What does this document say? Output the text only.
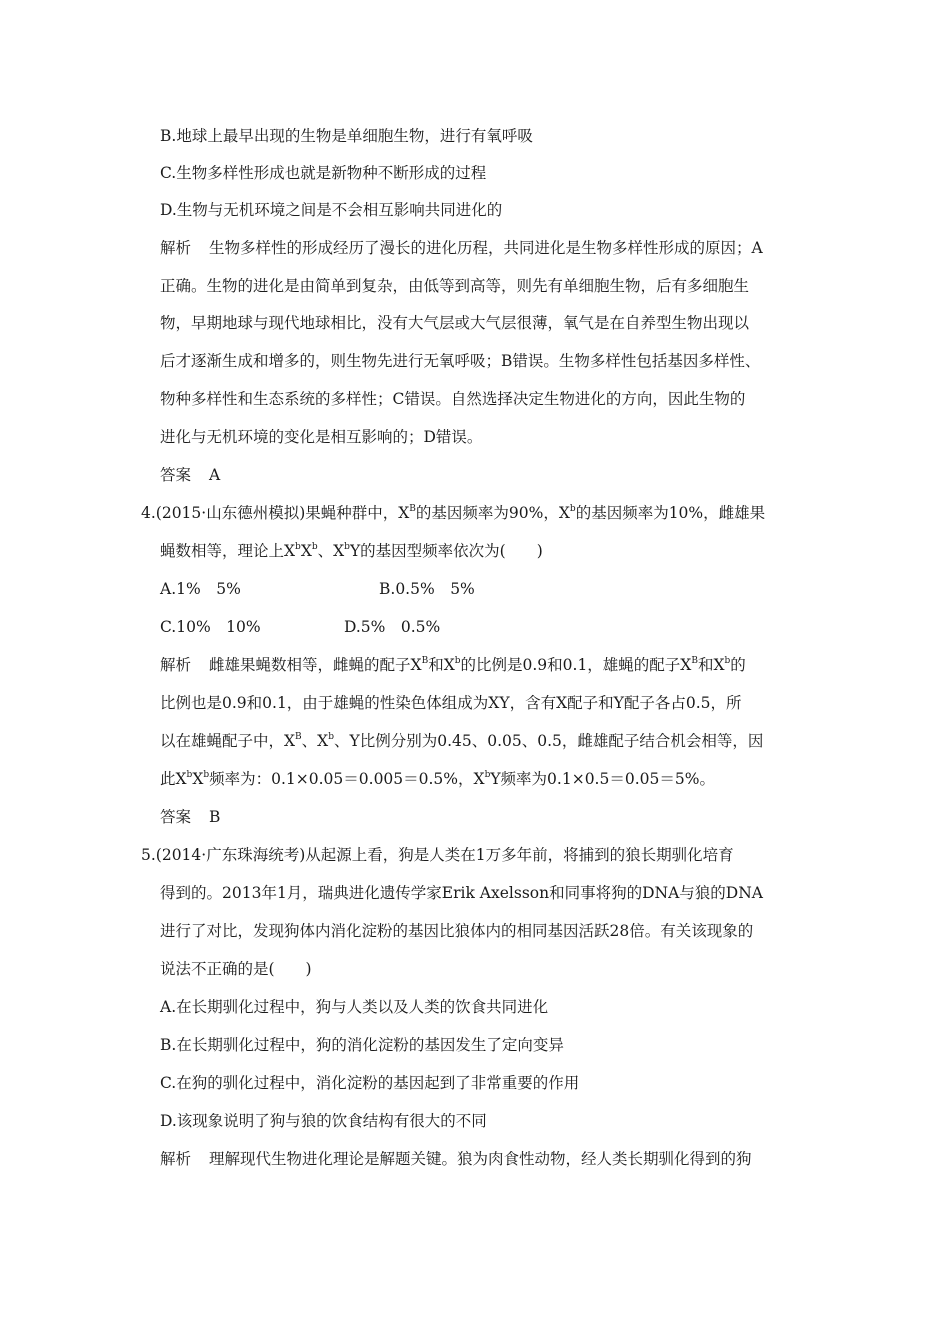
B.地球上最早出现的生物是单细胞生物，进行有氧呼吸
C.生物多样性形成也就是新物种不断形成的过程
D.生物与无机环境之间是不会相互影响共同进化的
解析 生物多样性的形成经历了漫长的进化历程，共同进化是生物多样性形成的原因；A
正确。生物的进化是由简单到复杂，由低等到高等，则先有单细胞生物，后有多细胞生
物，早期地球与现代地球相比，没有大气层或大气层很薄，氧气是在自养型生物出现以
后才逐渐生成和增多的，则生物先进行无氧呼吸；B错误。生物多样性包括基因多样性、
物种多样性和生态系统的多样性；C错误。自然选择决定生物进化的方向，因此生物的
进化与无机环境的变化是相互影响的；D错误。
答案 A
4.(2015·山东德州模拟)果蝇种群中，$X^B$的基因频率为90%，$X^b$的基因频率为10%，雌雄果
蝇数相等，理论上$X^bX^b$、$X^bY$的基因型频率依次为(　　)
A.1%　5%	B.0.5%　5%
C.10%　10%	D.5%　0.5%
解析 雌雄果蝇数相等，雌蝇的配子$X^B$和$X^b$的比例是0.9和0.1，雄蝇的配子$X^B$和$X^b$的
比例也是0.9和0.1，由于雄蝇的性染色体组成为XY，含有X配子和Y配子各占0.5，所
以在雄蝇配子中，$X^B$、$X^b$、Y比例分别为0.45、0.05、0.5，雌雄配子结合机会相等，因
此$X^bX^b$频率为：0.1×0.05＝0.005＝0.5%，$X^bY$频率为0.1×0.5＝0.05＝5%。
答案 B
5.(2014·广东珠海统考)从起源上看，狗是人类在1万多年前，将捕到的狼长期驯化培育
得到的。2013年1月，瑞典进化遗传学家Erik Axelsson和同事将狗的DNA与狼的DNA
进行了对比，发现狗体内消化淀粉的基因比狼体内的相同基因活跃28倍。有关该现象的
说法不正确的是(　　)
A.在长期驯化过程中，狗与人类以及人类的饮食共同进化
B.在长期驯化过程中，狗的消化淀粉的基因发生了定向变异
C.在狗的驯化过程中，消化淀粉的基因起到了非常重要的作用
D.该现象说明了狗与狼的饮食结构有很大的不同
解析 理解现代生物进化理论是解题关键。狼为肉食性动物，经人类长期驯化得到的狗
